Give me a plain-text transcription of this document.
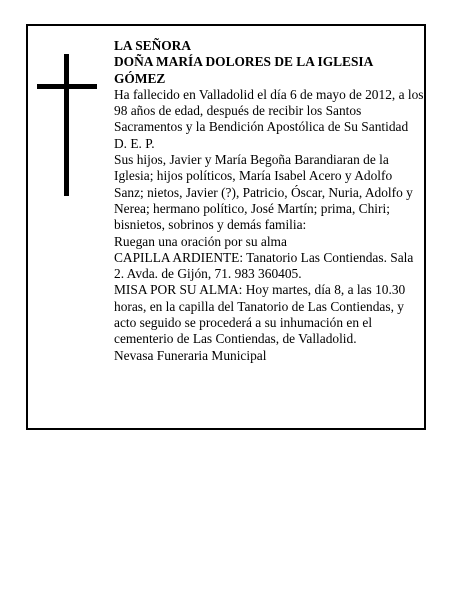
LA SEÑORA

DOÑA MARÍA DOLORES DE LA IGLESIA

GÓMEZ

Ha fallecido en Valladolid el día 6 de mayo de 2012, a los 98 años de edad, después de recibir los Santos Sacramentos y la Bendición Apostólica de Su Santidad

D. E. P.

Sus hijos, Javier y María Begoña Barandiaran de la Iglesia; hijos políticos, María Isabel Acero y Adolfo Sanz; nietos, Javier (?), Patricio, Óscar, Nuria, Adolfo y Nerea; hermano político, José Martín; prima, Chiri; bisnietos, sobrinos y demás familia:

Ruegan una oración por su alma

CAPILLA ARDIENTE: Tanatorio Las Contiendas. Sala 2. Avda. de Gijón, 71. 983 360405.

MISA POR SU ALMA: Hoy martes, día 8, a las 10.30 horas, en la capilla del Tanatorio de Las Contiendas, y acto seguido se procederá a su inhumación en el cementerio de Las Contiendas, de Valladolid.

Nevasa Funeraria Municipal
